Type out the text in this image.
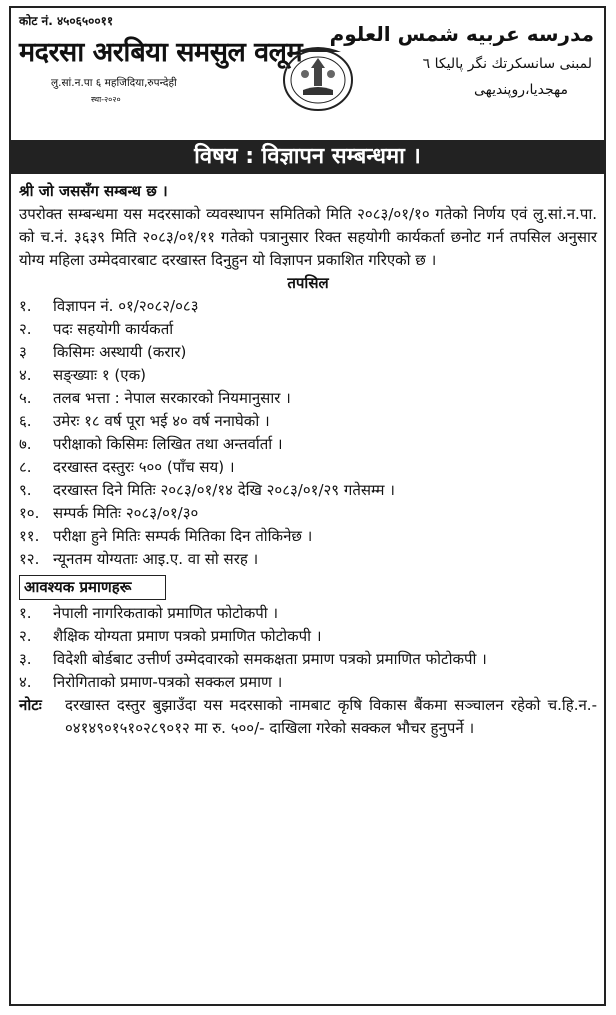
कोट नं. ४५०६५००११
मदरसा अरबिया समसुल वलूम
लु.सां.न.पा ६ महजिदिया,रुपन्देही
स्था-२०२०
مدرسه عربيه شمس العلوم
لمبنی سانسکرتك نگر پالیکا ٦
مهجدیا،روپندیهی
विषय : विज्ञापन सम्बन्धमा ।
श्री जो जससँग सम्बन्ध छ ।
उपरोक्त सम्बन्धमा यस मदरसाको व्यवस्थापन समितिको मिति २०८३/०१/१० गतेको निर्णय एवं लु.सां.न.पा. को च.नं. ३६३९ मिति २०८३/०१/११ गतेको पत्रानुसार रिक्त सहयोगी कार्यकर्ता छनोट गर्न तपसिल अनुसार योग्य महिला उम्मेदवारबाट दरखास्त दिनुहुन यो विज्ञापन प्रकाशित गरिएको छ ।
तपसिल
१.	विज्ञापन नं. ०१/२०८२/०८३
२.	पदः सहयोगी कार्यकर्ता
३	किसिमः अस्थायी (करार)
४.	सङ्ख्याः १ (एक)
५.	तलब भत्ता : नेपाल सरकारको नियमानुसार ।
६.	उमेरः १८ वर्ष पूरा भई ४० वर्ष ननाघेको ।
७.	परीक्षाको किसिमः लिखित तथा अन्तर्वार्ता ।
८.	दरखास्त दस्तुरः ५०० (पाँच सय) ।
९.	दरखास्त दिने मितिः २०८३/०१/१४ देखि २०८३/०१/२९ गतेसम्म ।
१०. सम्पर्क मितिः २०८३/०१/३०
११. परीक्षा हुने मितिः सम्पर्क मितिका दिन तोकिनेछ ।
१२. न्यूनतम योग्यताः आइ.ए. वा सो सरह ।
आवश्यक प्रमाणहरू
१.	नेपाली नागरिकताको प्रमाणित फोटोकपी ।
२.	शैक्षिक योग्यता प्रमाण पत्रको प्रमाणित फोटोकपी ।
३.	विदेशी बोर्डबाट उत्तीर्ण उम्मेदवारको समकक्षता प्रमाण पत्रको प्रमाणित फोटोकपी ।
४.	निरोगिताको प्रमाण-पत्रको सक्कल प्रमाण ।
नोटः	दरखास्त दस्तुर बुझाउँदा यस मदरसाको नामबाट कृषि विकास बैंकमा सञ्चालन रहेको च.हि.न.- ०४१४९०१५१०२८९०१२ मा रु. ५००/- दाखिला गरेको सक्कल भौचर हुनुपर्ने ।
